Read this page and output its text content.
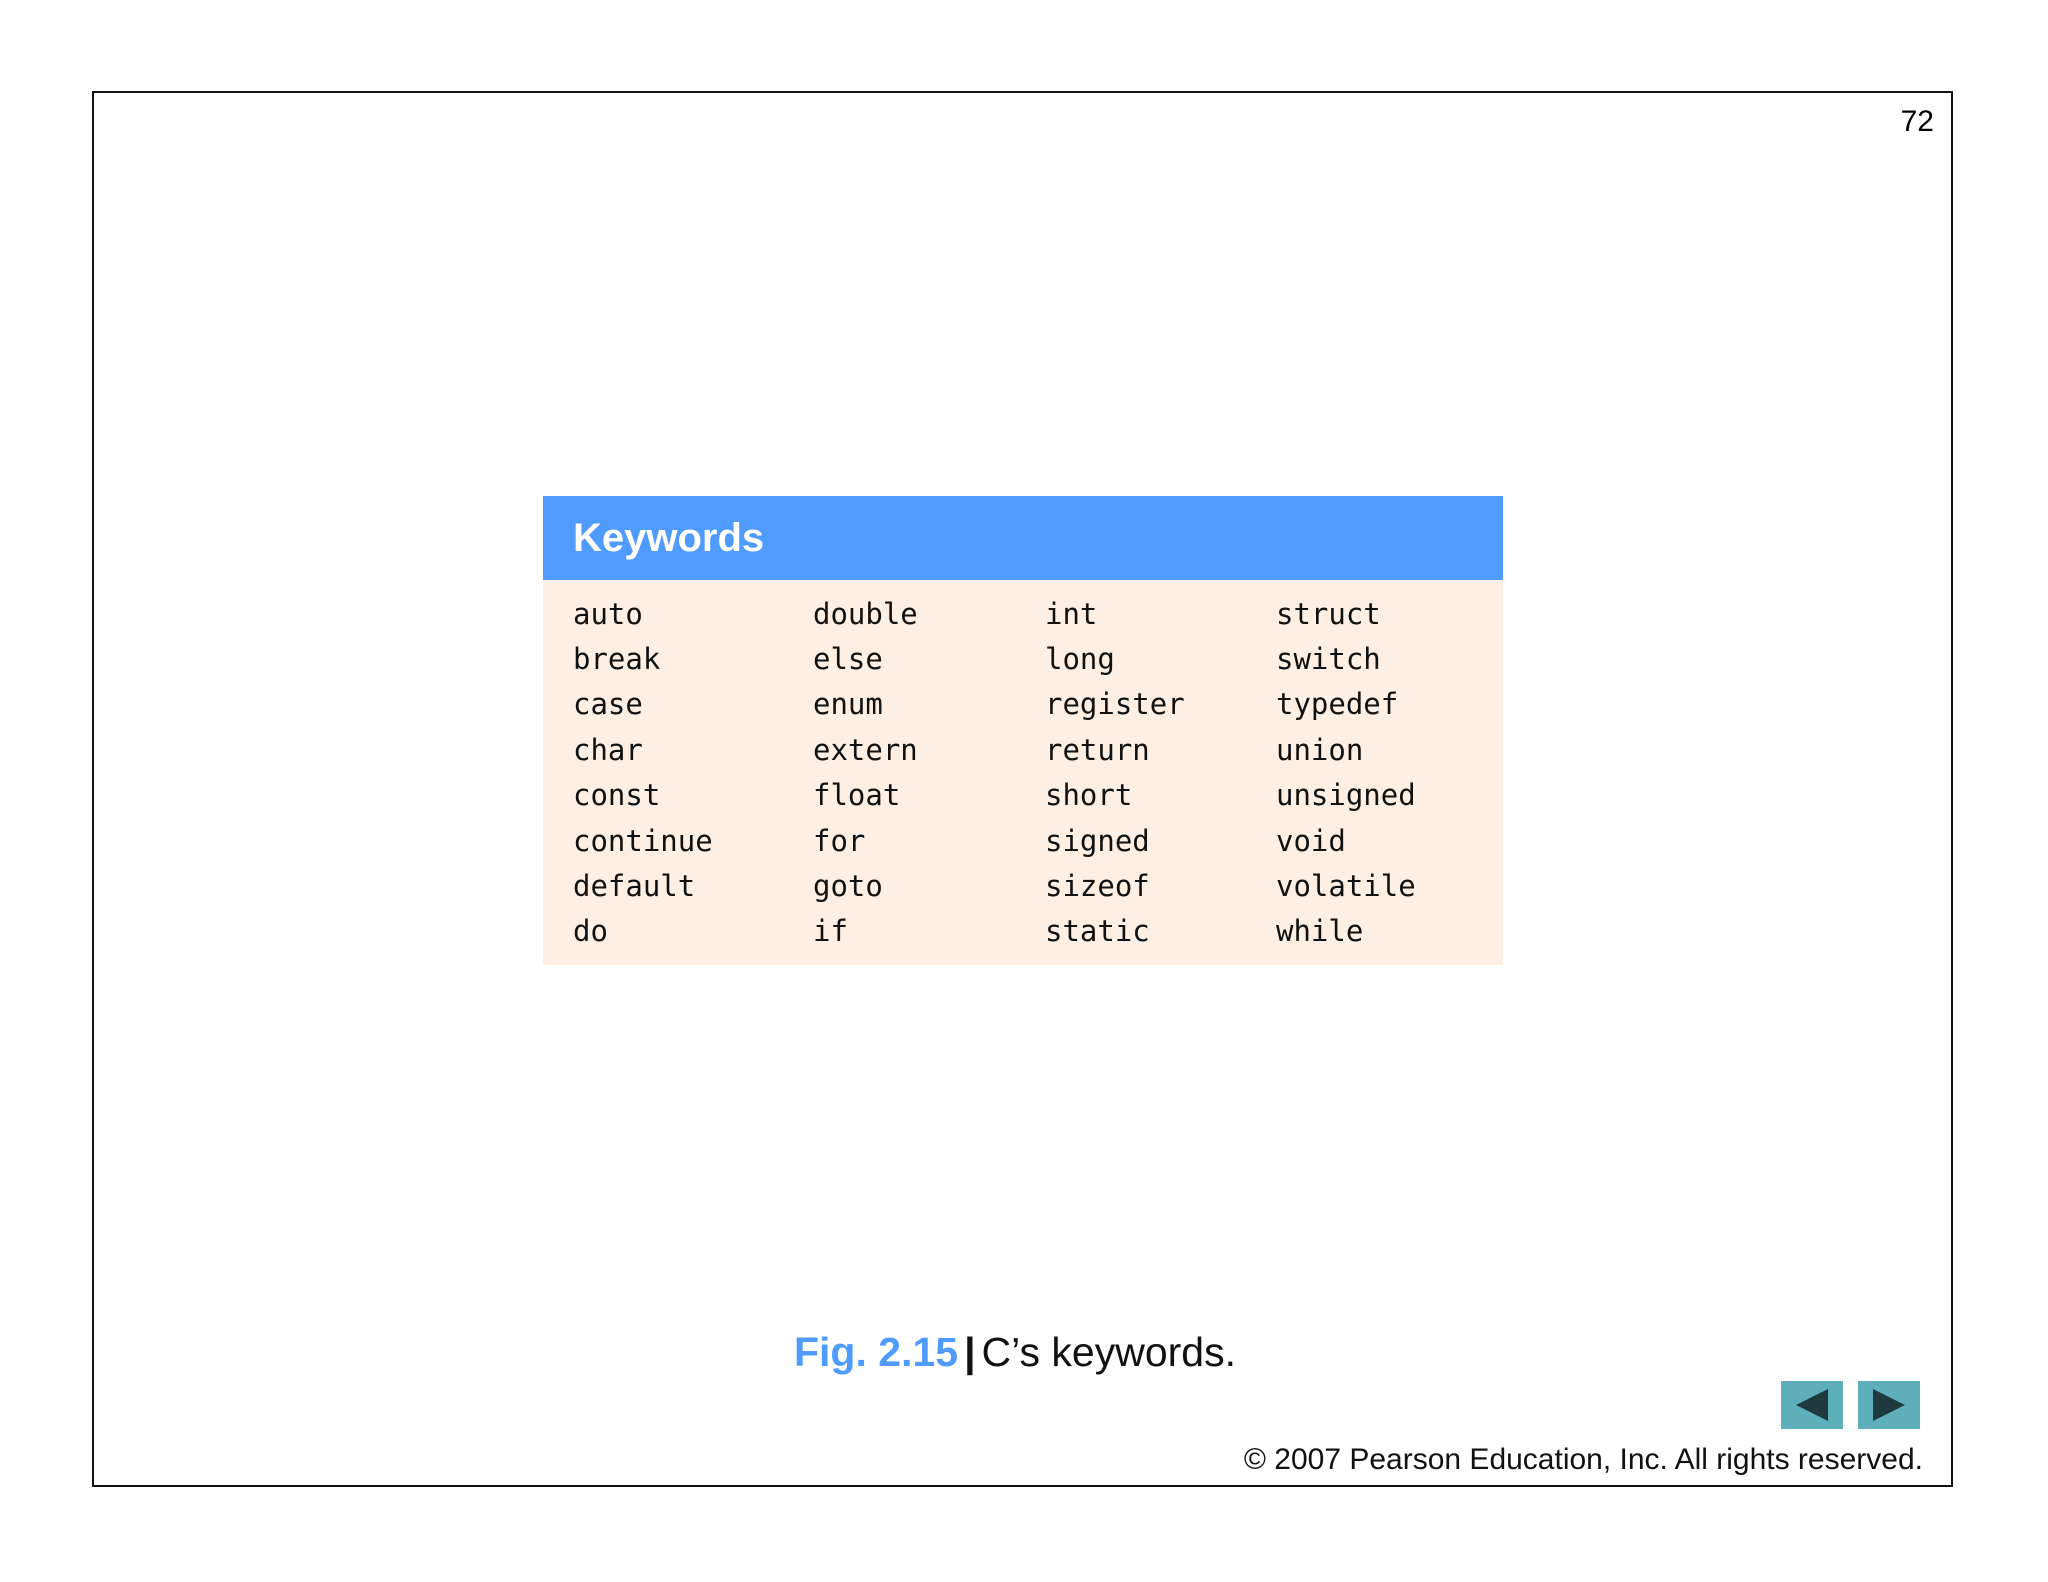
72
Keywords
auto	double	int	struct
break	else	long	switch
case	enum	register	typedef
char	extern	return	union
const	float	short	unsigned
continue	for	signed	void
default	goto	sizeof	volatile
do	if	static	while
Fig. 2.15 | C’s keywords.
© 2007 Pearson Education, Inc. All rights reserved.
